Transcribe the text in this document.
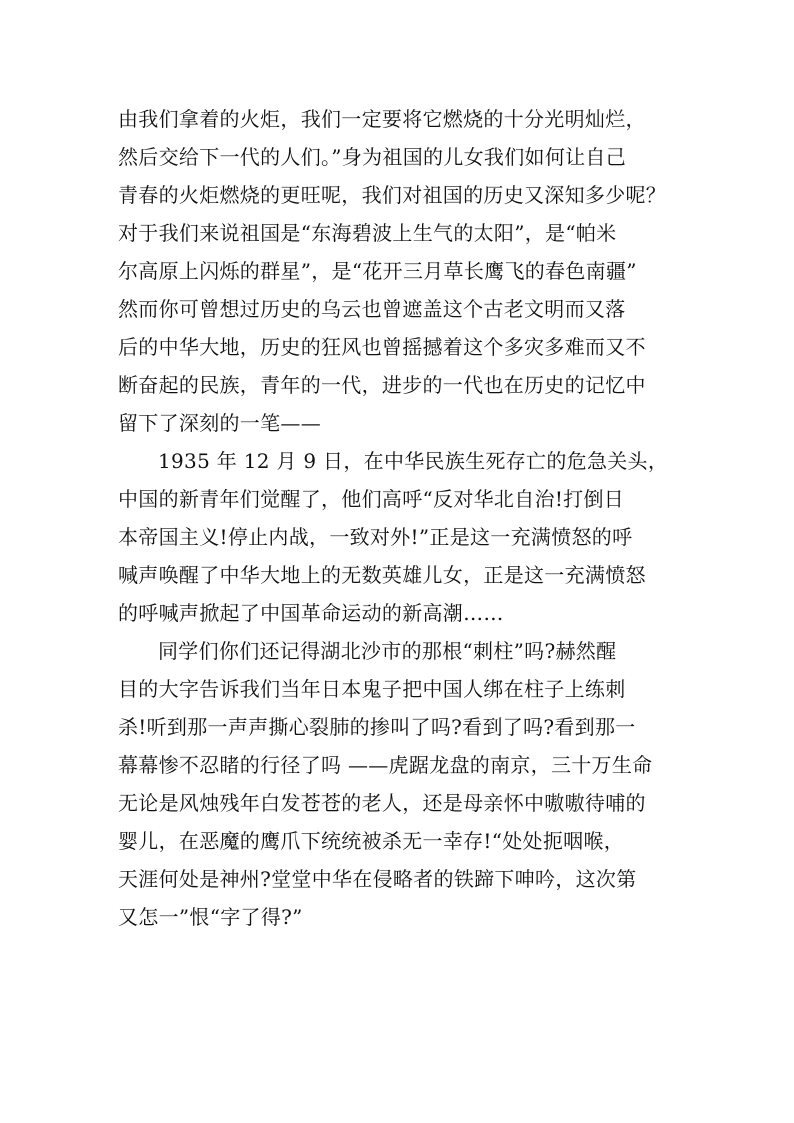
由我们拿着的火炬，我们一定要将它燃烧的十分光明灿烂，
然后交给下一代的人们。”身为祖国的儿女我们如何让自己
青春的火炬燃烧的更旺呢，我们对祖国的历史又深知多少呢？
对于我们来说祖国是“东海碧波上生气的太阳”，是“帕米
尔高原上闪烁的群星”，是“花开三月草长鹰飞的春色南疆”
然而你可曾想过历史的乌云也曾遮盖这个古老文明而又落
后的中华大地，历史的狂风也曾摇撼着这个多灾多难而又不
断奋起的民族，青年的一代，进步的一代也在历史的记忆中
留下了深刻的一笔——
1935 年 12 月 9 日，在中华民族生死存亡的危急关头，
中国的新青年们觉醒了，他们高呼“反对华北自治!打倒日
本帝国主义!停止内战，一致对外!”正是这一充满愤怒的呼
喊声唤醒了中华大地上的无数英雄儿女，正是这一充满愤怒
的呼喊声掀起了中国革命运动的新高潮……
同学们你们还记得湖北沙市的那根“刺柱”吗?赫然醒
目的大字告诉我们当年日本鬼子把中国人绑在柱子上练刺
杀!听到那一声声撕心裂肺的掺叫了吗?看到了吗?看到那一
幕幕惨不忍睹的行径了吗 ——虎踞龙盘的南京，三十万生命
无论是风烛残年白发苍苍的老人，还是母亲怀中嗷嗷待哺的
婴儿，在恶魔的鹰爪下统统被杀无一幸存!“处处扼咽喉，
天涯何处是神州?堂堂中华在侵略者的铁蹄下呻吟，这次第
又怎一”恨“字了得?”
